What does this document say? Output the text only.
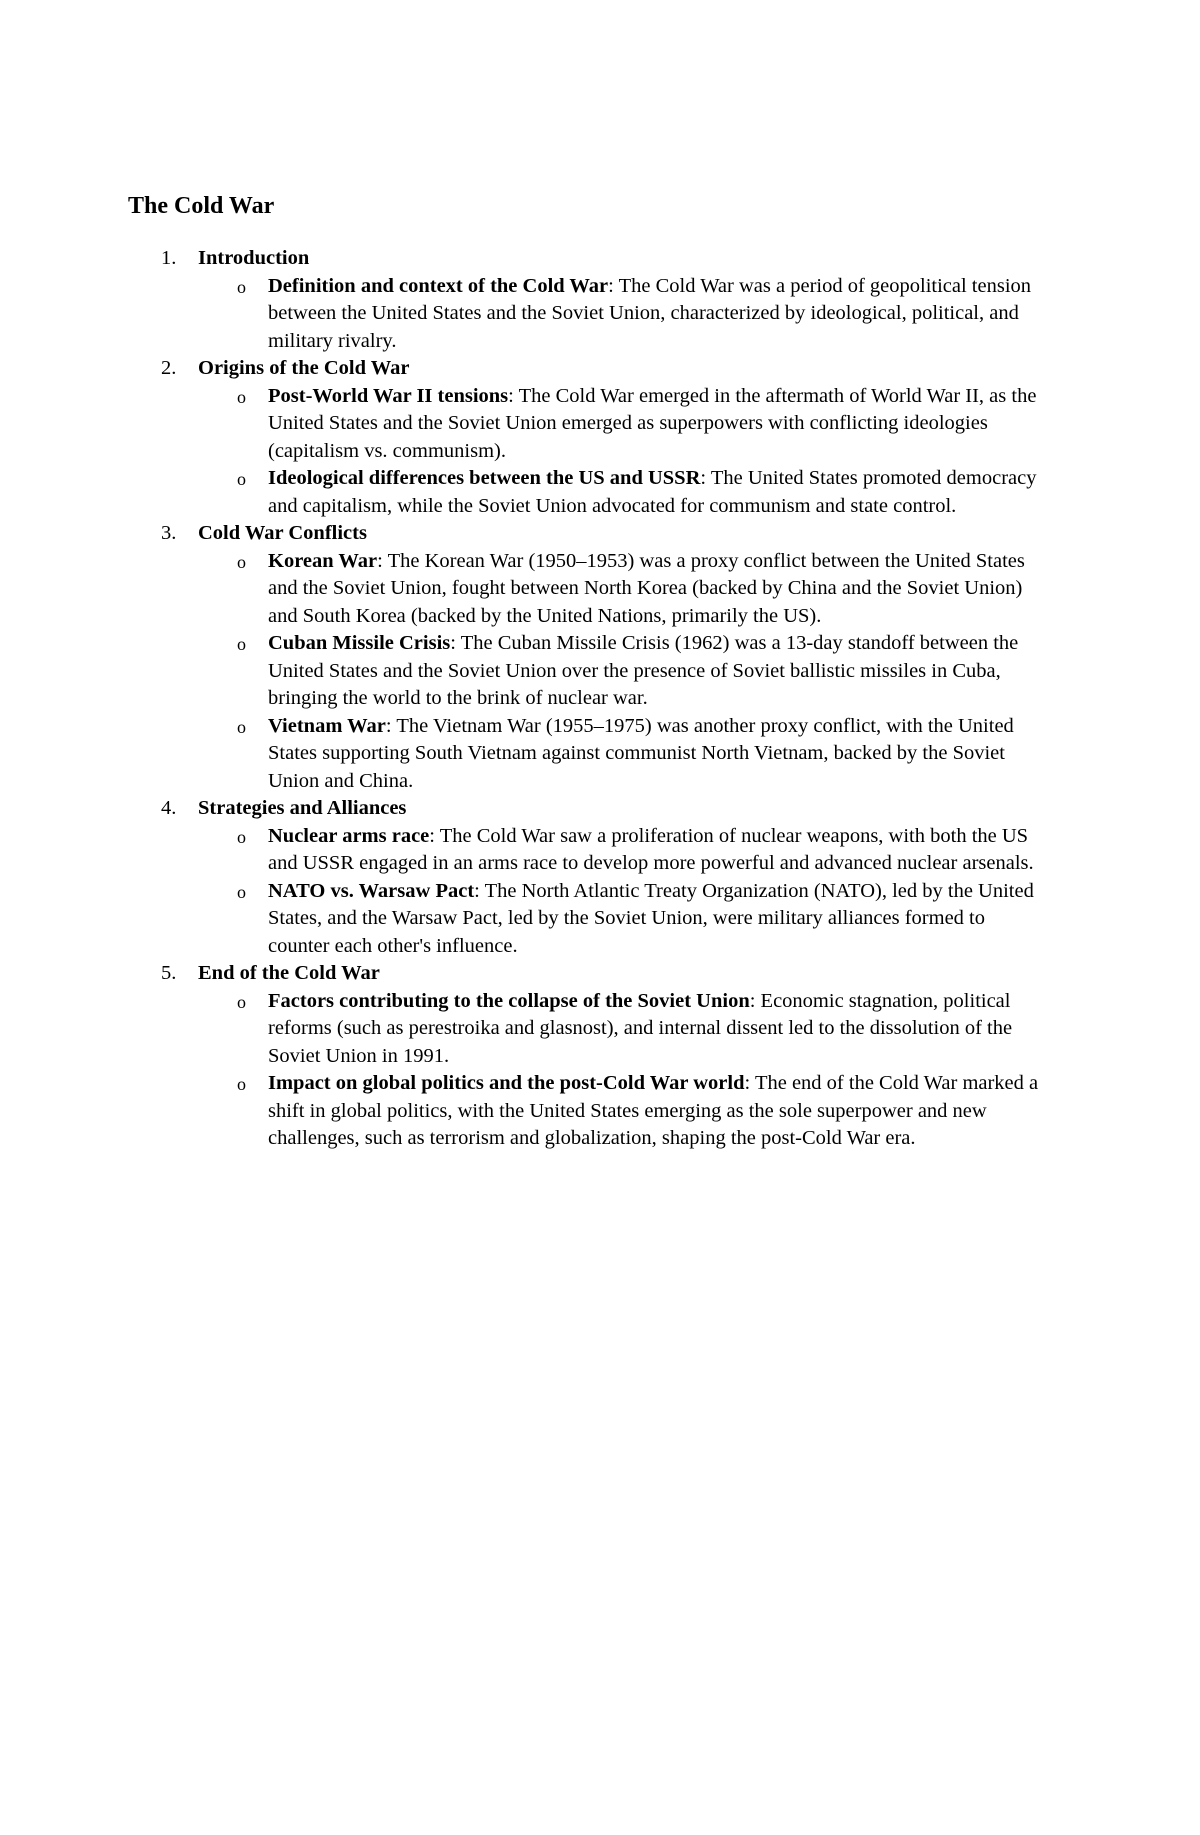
The Cold War
1. Introduction
o Definition and context of the Cold War: The Cold War was a period of geopolitical tension between the United States and the Soviet Union, characterized by ideological, political, and military rivalry.
2. Origins of the Cold War
o Post-World War II tensions: The Cold War emerged in the aftermath of World War II, as the United States and the Soviet Union emerged as superpowers with conflicting ideologies (capitalism vs. communism).
o Ideological differences between the US and USSR: The United States promoted democracy and capitalism, while the Soviet Union advocated for communism and state control.
3. Cold War Conflicts
o Korean War: The Korean War (1950–1953) was a proxy conflict between the United States and the Soviet Union, fought between North Korea (backed by China and the Soviet Union) and South Korea (backed by the United Nations, primarily the US).
o Cuban Missile Crisis: The Cuban Missile Crisis (1962) was a 13-day standoff between the United States and the Soviet Union over the presence of Soviet ballistic missiles in Cuba, bringing the world to the brink of nuclear war.
o Vietnam War: The Vietnam War (1955–1975) was another proxy conflict, with the United States supporting South Vietnam against communist North Vietnam, backed by the Soviet Union and China.
4. Strategies and Alliances
o Nuclear arms race: The Cold War saw a proliferation of nuclear weapons, with both the US and USSR engaged in an arms race to develop more powerful and advanced nuclear arsenals.
o NATO vs. Warsaw Pact: The North Atlantic Treaty Organization (NATO), led by the United States, and the Warsaw Pact, led by the Soviet Union, were military alliances formed to counter each other's influence.
5. End of the Cold War
o Factors contributing to the collapse of the Soviet Union: Economic stagnation, political reforms (such as perestroika and glasnost), and internal dissent led to the dissolution of the Soviet Union in 1991.
o Impact on global politics and the post-Cold War world: The end of the Cold War marked a shift in global politics, with the United States emerging as the sole superpower and new challenges, such as terrorism and globalization, shaping the post-Cold War era.
